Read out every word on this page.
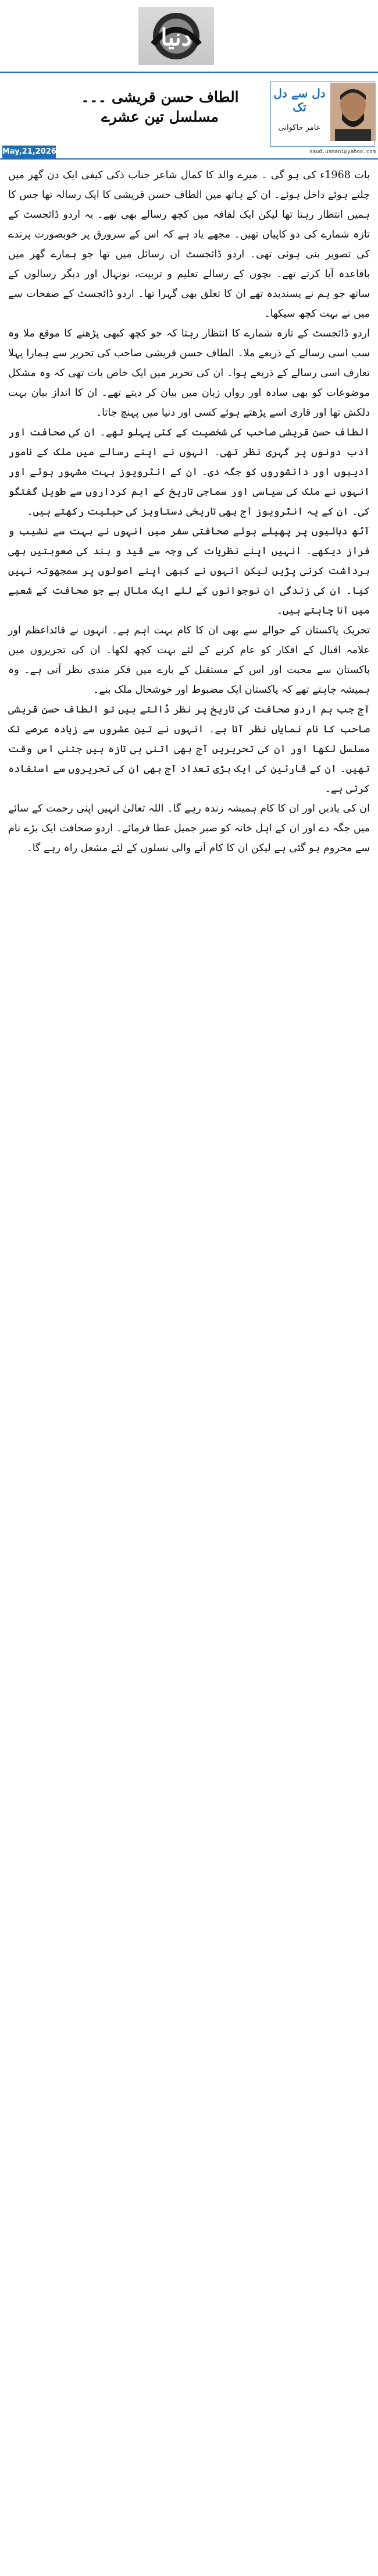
دنیا
الطاف حسن قریشی ۔۔۔ مسلسل تین عشرے
دل سے دل تک
عامر خاکوانی
saud.usmani@yahoo.com
May,21,2026

بات 1968ء کی ہو گی ۔ میرے والد کا کمال شاعر جناب ذکی کیفی ایک دن گھر میں چلتے ہوئے داخل ہوئے۔ ان کے ہاتھ میں الطاف حسن قریشی کا ایک رسالہ تھا جس کا ہمیں انتظار رہتا تھا لیکن ایک لفافہ میں کچھ رسالے بھی تھے۔ یہ اردو ڈائجسٹ کے تازہ شمارے کی دو کاپیاں تھیں۔ مجھے یاد ہے کہ اس کے سرورق پر خوبصورت پرندے کی تصویر بنی ہوئی تھی۔ اردو ڈائجسٹ ان رسائل میں تھا جو ہمارے گھر میں باقاعدہ آیا کرتے تھے۔ بچوں کے رسالے تعلیم و تربیت، نونہال اور دیگر رسالوں کے ساتھ جو ہم نے پسندیدہ تھے ان کا تعلق بھی گہرا تھا۔ اردو ڈائجسٹ کے صفحات سے میں نے بہت کچھ سیکھا۔

اردو ڈائجسٹ کے تازہ شمارے کا انتظار رہتا کہ جو کچھ کبھی پڑھنے کا موقع ملا وہ سب اسی رسالے کے ذریعے ملا۔ الطاف حسن قریشی صاحب کی تحریر سے ہمارا پہلا تعارف اسی رسالے کے ذریعے ہوا۔ ان کی تحریر میں ایک خاص بات تھی کہ وہ مشکل موضوعات کو بھی سادہ اور رواں زبان میں بیان کر دیتے تھے۔ ان کا انداز بیان بہت دلکش تھا اور قاری اسے پڑھتے ہوئے کسی اور دنیا میں پہنچ جاتا۔

الطاف حسن قریشی صاحب کی شخصیت کے کئی پہلو تھے۔ ان کی صحافت اور ادب دونوں پر گہری نظر تھی۔ انہوں نے اپنے رسالے میں ملک کے نامور ادیبوں اور دانشوروں کو جگہ دی۔ ان کے انٹرویوز بہت مشہور ہوئے اور انہوں نے ملک کی سیاسی اور سماجی تاریخ کے اہم کرداروں سے طویل گفتگو کی۔ ان کے یہ انٹرویوز آج بھی تاریخی دستاویز کی حیثیت رکھتے ہیں۔

آٹھ دہائیوں پر پھیلے ہوئے صحافتی سفر میں انہوں نے بہت سے نشیب و فراز دیکھے۔ انہیں اپنے نظریات کی وجہ سے قید و بند کی صعوبتیں بھی برداشت کرنی پڑیں لیکن انہوں نے کبھی اپنے اصولوں پر سمجھوتہ نہیں کیا۔ ان کی زندگی ان نوجوانوں کے لئے ایک مثال ہے جو صحافت کے شعبے میں آنا چاہتے ہیں۔

تحریک پاکستان کے حوالے سے بھی ان کا کام بہت اہم ہے۔ انہوں نے قائداعظم اور علامہ اقبال کے افکار کو عام کرنے کے لئے بہت کچھ لکھا۔ ان کی تحریروں میں پاکستان سے محبت اور اس کے مستقبل کے بارے میں فکر مندی نظر آتی ہے۔ وہ ہمیشہ چاہتے تھے کہ پاکستان ایک مضبوط اور خوشحال ملک بنے۔

آج جب ہم اردو صحافت کی تاریخ پر نظر ڈالتے ہیں تو الطاف حسن قریشی صاحب کا نام نمایاں نظر آتا ہے۔ انہوں نے تین عشروں سے زیادہ عرصے تک مسلسل لکھا اور ان کی تحریریں آج بھی اتنی ہی تازہ ہیں جتنی اس وقت تھیں۔ ان کے قارئین کی ایک بڑی تعداد آج بھی ان کی تحریروں سے استفادہ کرتی ہے۔

ان کی یادیں اور ان کا کام ہمیشہ زندہ رہے گا۔ اللہ تعالیٰ انہیں اپنی رحمت کے سائے میں جگہ دے اور ان کے اہل خانہ کو صبر جمیل عطا فرمائے۔ اردو صحافت ایک بڑے نام سے محروم ہو گئی ہے لیکن ان کا کام آنے والی نسلوں کے لئے مشعل راہ رہے گا۔
